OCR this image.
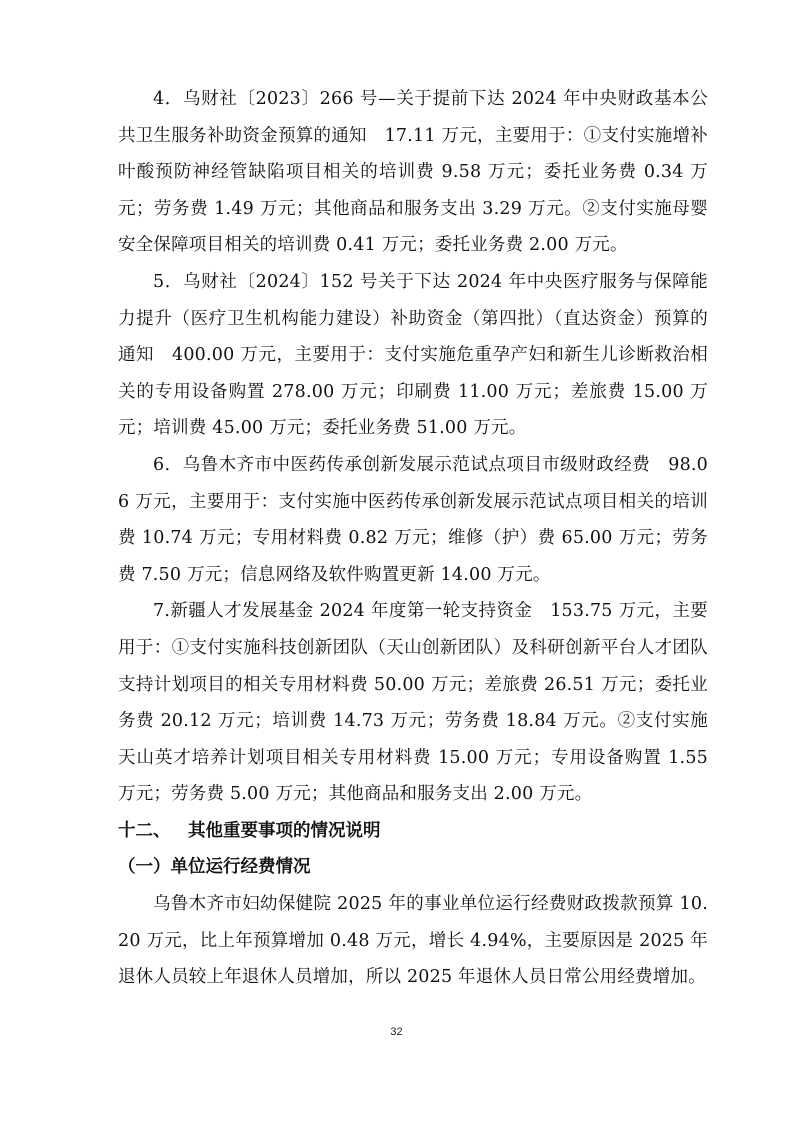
4．乌财社〔2023〕266 号—关于提前下达 2024 年中央财政基本公共卫生服务补助资金预算的通知　17.11 万元，主要用于：①支付实施增补叶酸预防神经管缺陷项目相关的培训费 9.58 万元；委托业务费 0.34 万元；劳务费 1.49 万元；其他商品和服务支出 3.29 万元。②支付实施母婴安全保障项目相关的培训费 0.41 万元；委托业务费 2.00 万元。

5．乌财社〔2024〕152 号关于下达 2024 年中央医疗服务与保障能力提升（医疗卫生机构能力建设）补助资金（第四批）（直达资金）预算的通知　400.00 万元，主要用于：支付实施危重孕产妇和新生儿诊断救治相关的专用设备购置 278.00 万元；印刷费 11.00 万元；差旅费 15.00 万元；培训费 45.00 万元；委托业务费 51.00 万元。

6．乌鲁木齐市中医药传承创新发展示范试点项目市级财政经费　98.06 万元，主要用于：支付实施中医药传承创新发展示范试点项目相关的培训费 10.74 万元；专用材料费 0.82 万元；维修（护）费 65.00 万元；劳务费 7.50 万元；信息网络及软件购置更新 14.00 万元。

7.新疆人才发展基金 2024 年度第一轮支持资金　153.75 万元，主要用于：①支付实施科技创新团队（天山创新团队）及科研创新平台人才团队支持计划项目的相关专用材料费 50.00 万元；差旅费 26.51 万元；委托业务费 20.12 万元；培训费 14.73 万元；劳务费 18.84 万元。②支付实施天山英才培养计划项目相关专用材料费 15.00 万元；专用设备购置 1.55 万元；劳务费 5.00 万元；其他商品和服务支出 2.00 万元。

十二、 其他重要事项的情况说明
（一）单位运行经费情况

乌鲁木齐市妇幼保健院 2025 年的事业单位运行经费财政拨款预算 10.20 万元，比上年预算增加 0.48 万元，增长 4.94%，主要原因是 2025 年退休人员较上年退休人员增加，所以 2025 年退休人员日常公用经费增加。

32
